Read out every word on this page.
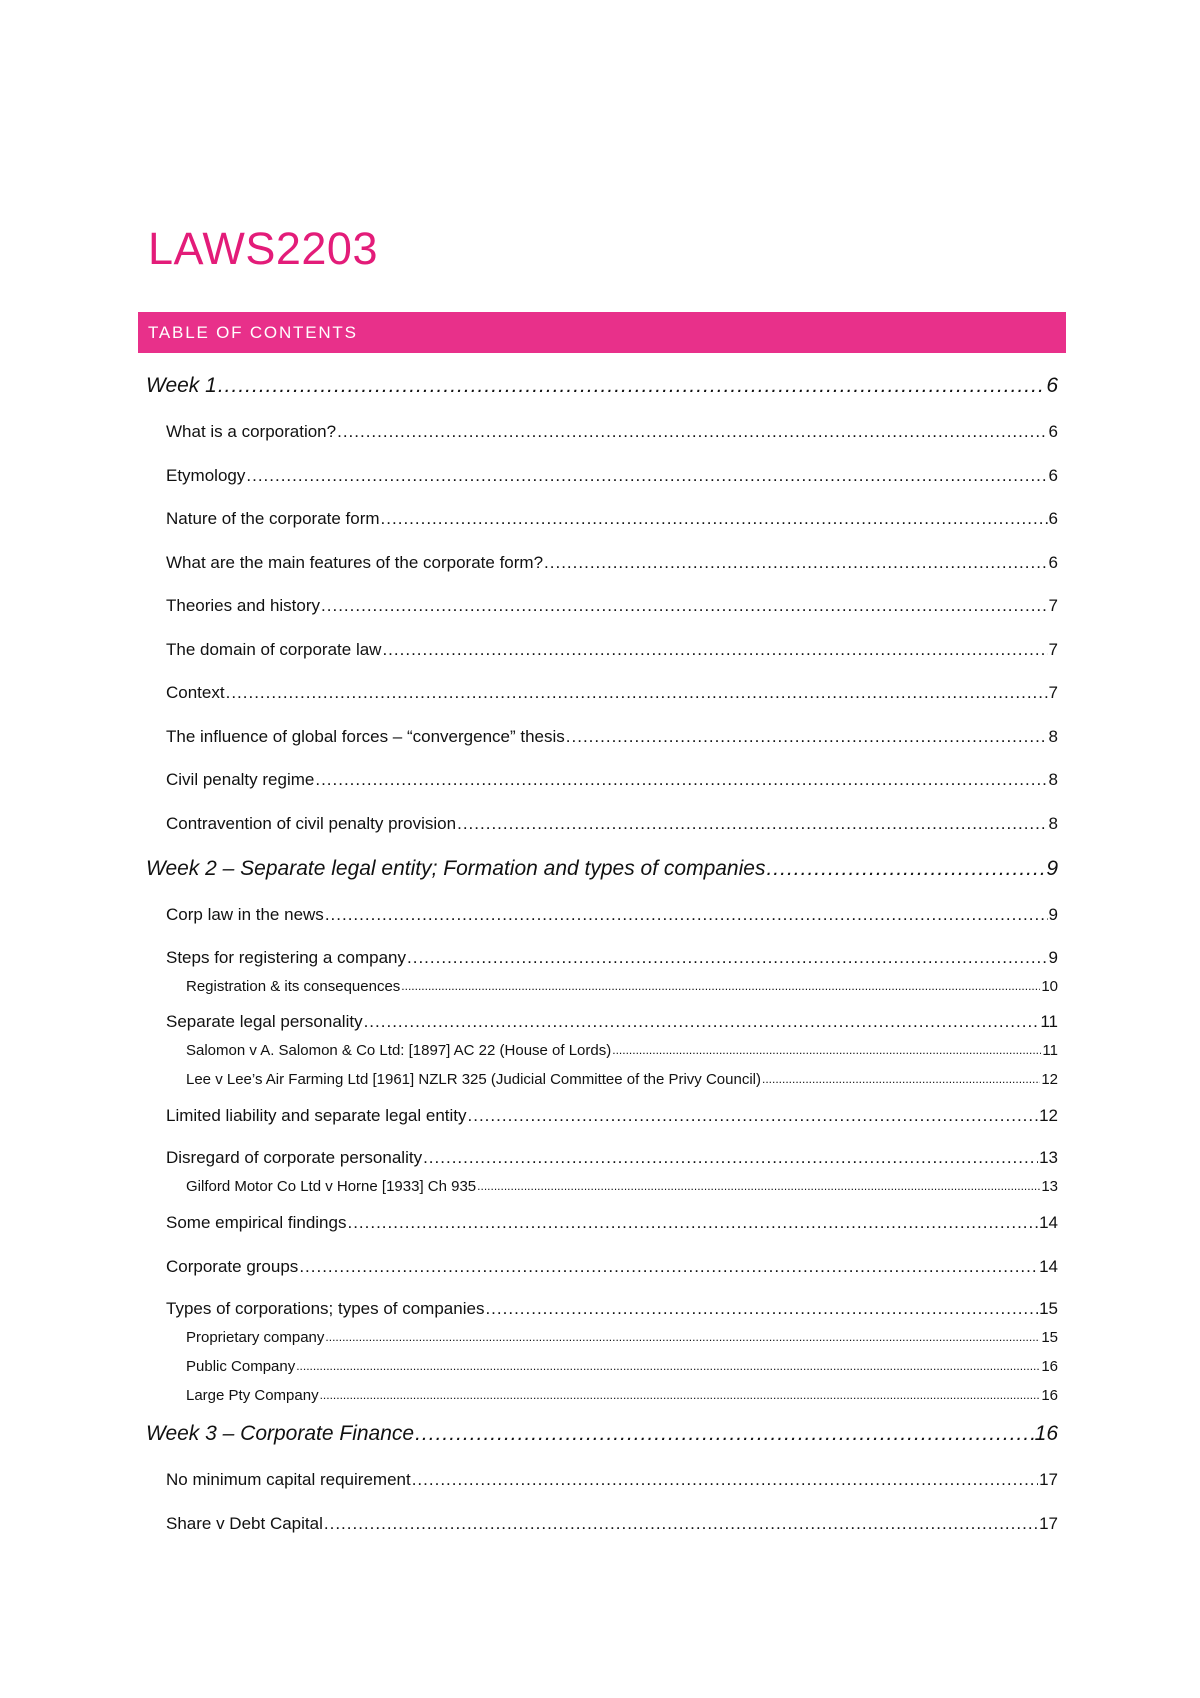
LAWS2203
TABLE OF CONTENTS
Week 1 .....	6
What is a corporation? .....	6
Etymology .....	6
Nature of the corporate form .....	6
What are the main features of the corporate form? .....	6
Theories and history .....	7
The domain of corporate law .....	7
Context .....	7
The influence of global forces – “convergence” thesis .....	8
Civil penalty regime .....	8
Contravention of civil penalty provision .....	8
Week 2 – Separate legal entity; Formation and types of companies .....	9
Corp law in the news .....	9
Steps for registering a company .....	9
Registration & its consequences .....	10
Separate legal personality .....	11
Salomon v A. Salomon & Co Ltd: [1897] AC 22 (House of Lords) .....	11
Lee v Lee’s Air Farming Ltd [1961] NZLR 325 (Judicial Committee of the Privy Council) .....	12
Limited liability and separate legal entity .....	12
Disregard of corporate personality .....	13
Gilford Motor Co Ltd v Horne [1933] Ch 935 .....	13
Some empirical findings .....	14
Corporate groups .....	14
Types of corporations; types of companies .....	15
Proprietary company .....	15
Public Company .....	16
Large Pty Company .....	16
Week 3 – Corporate Finance .....	16
No minimum capital requirement .....	17
Share v Debt Capital .....	17
